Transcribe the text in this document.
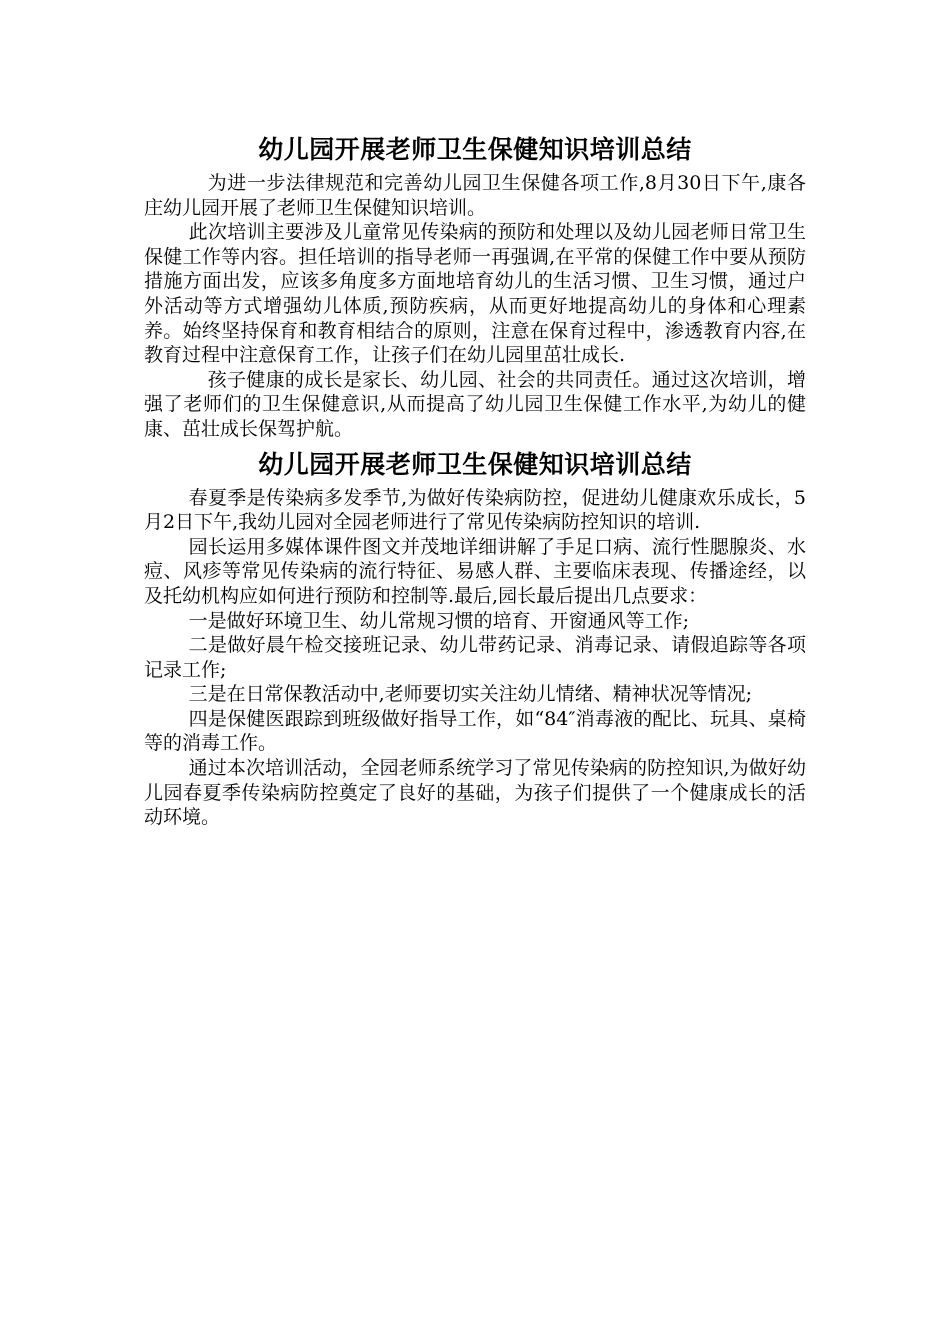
幼儿园开展老师卫生保健知识培训总结

为进一步法律规范和完善幼儿园卫生保健各项工作,8月30日下午,康各庄幼儿园开展了老师卫生保健知识培训。

此次培训主要涉及儿童常见传染病的预防和处理以及幼儿园老师日常卫生保健工作等内容。担任培训的指导老师一再强调,在平常的保健工作中要从预防措施方面出发，应该多角度多方面地培育幼儿的生活习惯、卫生习惯，通过户外活动等方式增强幼儿体质,预防疾病，从而更好地提高幼儿的身体和心理素养。始终坚持保育和教育相结合的原则，注意在保育过程中，渗透教育内容,在教育过程中注意保育工作，让孩子们在幼儿园里茁壮成长.

孩子健康的成长是家长、幼儿园、社会的共同责任。通过这次培训，增强了老师们的卫生保健意识,从而提高了幼儿园卫生保健工作水平,为幼儿的健康、茁壮成长保驾护航。

幼儿园开展老师卫生保健知识培训总结

春夏季是传染病多发季节,为做好传染病防控，促进幼儿健康欢乐成长，5月2日下午,我幼儿园对全园老师进行了常见传染病防控知识的培训.

园长运用多媒体课件图文并茂地详细讲解了手足口病、流行性腮腺炎、水痘、风疹等常见传染病的流行特征、易感人群、主要临床表现、传播途经，以及托幼机构应如何进行预防和控制等.最后,园长最后提出几点要求：

一是做好环境卫生、幼儿常规习惯的培育、开窗通风等工作;

二是做好晨午检交接班记录、幼儿带药记录、消毒记录、请假追踪等各项记录工作;

三是在日常保教活动中,老师要切实关注幼儿情绪、精神状况等情况;

四是保健医跟踪到班级做好指导工作，如“84″消毒液的配比、玩具、桌椅等的消毒工作。

通过本次培训活动，全园老师系统学习了常见传染病的防控知识,为做好幼儿园春夏季传染病防控奠定了良好的基础，为孩子们提供了一个健康成长的活动环境。
